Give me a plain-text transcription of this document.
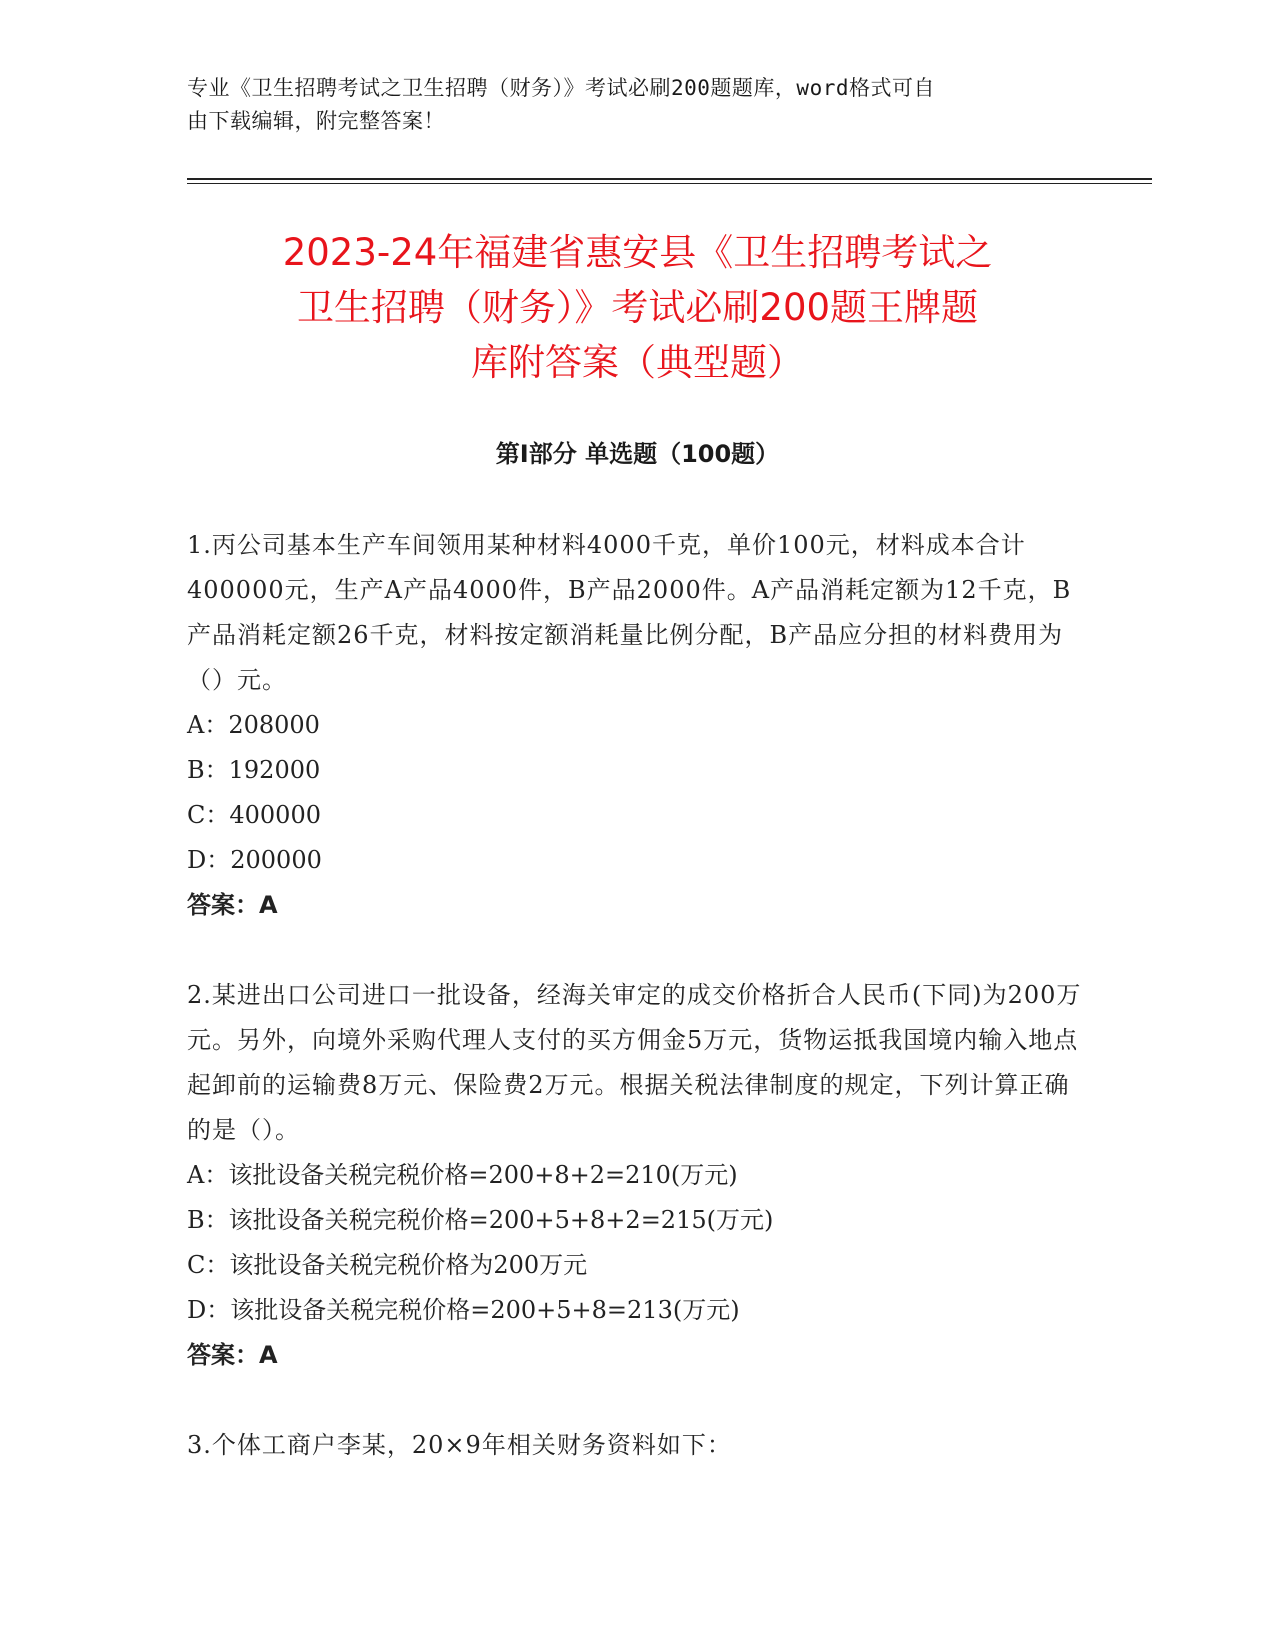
专业《卫生招聘考试之卫生招聘（财务）》考试必刷200题题库，word格式可自
由下载编辑，附完整答案！
2023-24年福建省惠安县《卫生招聘考试之
卫生招聘（财务）》考试必刷200题王牌题
库附答案（典型题）
第Ⅰ部分 单选题（100题）

1.丙公司基本生产车间领用某种材料4000千克，单价100元，材料成本合计400000元，生产A产品4000件，B产品2000件。A产品消耗定额为12千克，B产品消耗定额26千克，材料按定额消耗量比例分配，B产品应分担的材料费用为（）元。

A：208000
B：192000
C：400000
D：200000

答案：A

2.某进出口公司进口一批设备，经海关审定的成交价格折合人民币(下同)为200万元。另外，向境外采购代理人支付的买方佣金5万元，货物运抵我国境内输入地点起卸前的运输费8万元、保险费2万元。根据关税法律制度的规定，下列计算正确的是（）。

A：该批设备关税完税价格=200+8+2=210(万元)
B：该批设备关税完税价格=200+5+8+2=215(万元)
C：该批设备关税完税价格为200万元
D：该批设备关税完税价格=200+5+8=213(万元)

答案：A

3.个体工商户李某，20×9年相关财务资料如下：
